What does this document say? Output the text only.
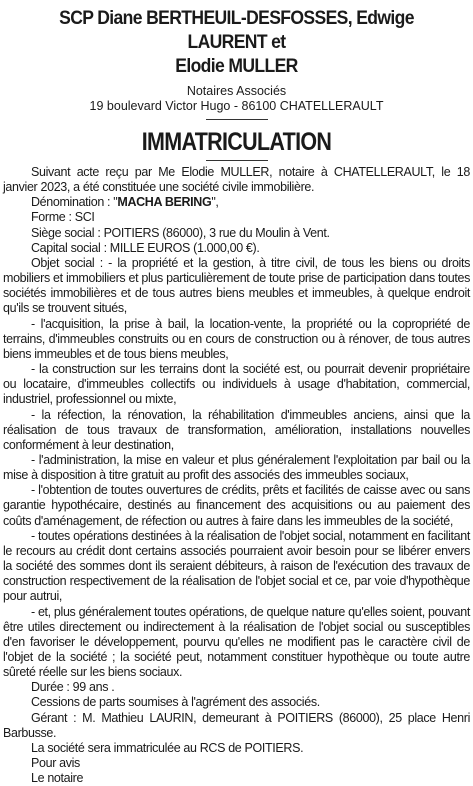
SCP Diane BERTHEUIL-DESFOSSES, Edwige LAURENT et
Elodie MULLER

Notaires Associés

19 boulevard Victor Hugo - 86100 CHATELLERAULT

IMMATRICULATION

Suivant acte reçu par Me Elodie MULLER, notaire à CHATELLERAULT, le 18 janvier 2023, a été constituée une société civile immobilière.

Dénomination : "MACHA BERING",

Forme : SCI

Siège social : POITIERS (86000), 3 rue du Moulin à Vent.

Capital social : MILLE EUROS (1.000,00 €).

Objet social : - la propriété et la gestion, à titre civil, de tous les biens ou droits mobiliers et immobiliers et plus particulièrement de toute prise de participation dans toutes sociétés immobilières et de tous autres biens meubles et immeubles, à quelque endroit qu'ils se trouvent situés,

- l'acquisition, la prise à bail, la location-vente, la propriété ou la copropriété de terrains, d'immeubles construits ou en cours de construction ou à rénover, de tous autres biens immeubles et de tous biens meubles,

- la construction sur les terrains dont la société est, ou pourrait devenir propriétaire ou locataire, d'immeubles collectifs ou individuels à usage d'habitation, commercial, industriel, professionnel ou mixte,

- la réfection, la rénovation, la réhabilitation d'immeubles anciens, ainsi que la réalisation de tous travaux de transformation, amélioration, installations nouvelles conformément à leur destination,

- l'administration, la mise en valeur et plus généralement l'exploitation par bail ou la mise à disposition à titre gratuit au profit des associés des immeubles sociaux,

- l'obtention de toutes ouvertures de crédits, prêts et facilités de caisse avec ou sans garantie hypothécaire, destinés au financement des acquisitions ou au paiement des coûts d'aménagement, de réfection ou autres à faire dans les immeubles de la société,

- toutes opérations destinées à la réalisation de l'objet social, notamment en facilitant le recours au crédit dont certains associés pourraient avoir besoin pour se libérer envers la société des sommes dont ils seraient débiteurs, à raison de l'exécution des travaux de construction respectivement de la réalisation de l'objet social et ce, par voie d'hypothèque pour autrui,

- et, plus généralement toutes opérations, de quelque nature qu'elles soient, pouvant être utiles directement ou indirectement à la réalisation de l'objet social ou susceptibles d'en favoriser le développement, pourvu qu'elles ne modifient pas le caractère civil de l'objet de la société ; la société peut, notamment constituer hypothèque ou toute autre sûreté réelle sur les biens sociaux.

Durée : 99 ans .

Cessions de parts soumises à l'agrément des associés.

Gérant : M. Mathieu LAURIN, demeurant à POITIERS (86000), 25 place Henri Barbusse.

La société sera immatriculée au RCS de POITIERS.

Pour avis

Le notaire
